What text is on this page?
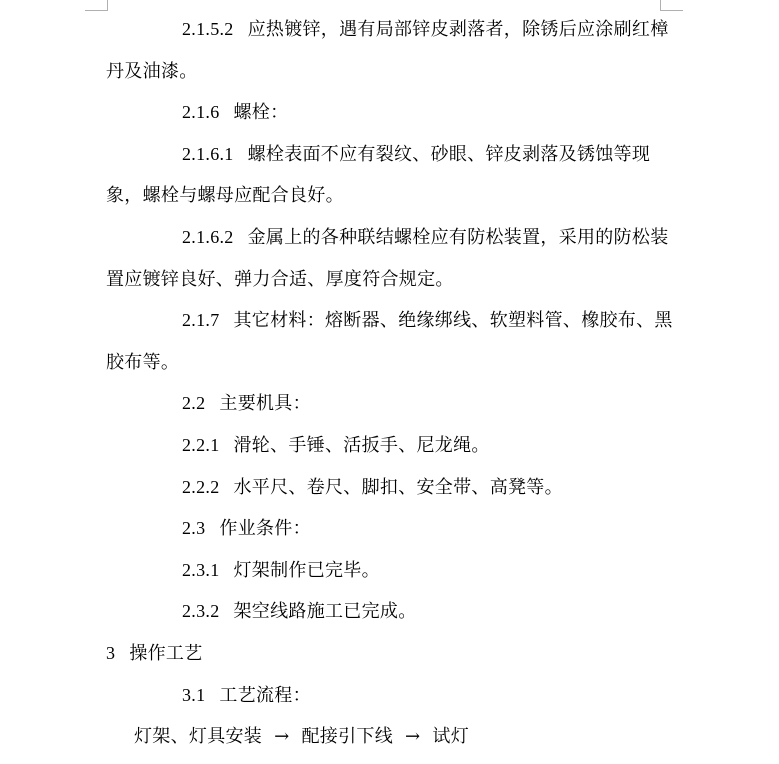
2.1.5.2 应热镀锌，遇有局部锌皮剥落者，除锈后应涂刷红樟丹及油漆。

2.1.6 螺栓：

2.1.6.1 螺栓表面不应有裂纹、砂眼、锌皮剥落及锈蚀等现象，螺栓与螺母应配合良好。

2.1.6.2 金属上的各种联结螺栓应有防松装置，采用的防松装置应镀锌良好、弹力合适、厚度符合规定。

2.1.7 其它材料：熔断器、绝缘绑线、软塑料管、橡胶布、黑胶布等。

2.2 主要机具：

2.2.1 滑轮、手锤、活扳手、尼龙绳。

2.2.2 水平尺、卷尺、脚扣、安全带、高凳等。

2.3 作业条件：

2.3.1 灯架制作已完毕。

2.3.2 架空线路施工已完成。

3 操作工艺

3.1 工艺流程：

灯架、灯具安装 → 配接引下线 → 试灯
